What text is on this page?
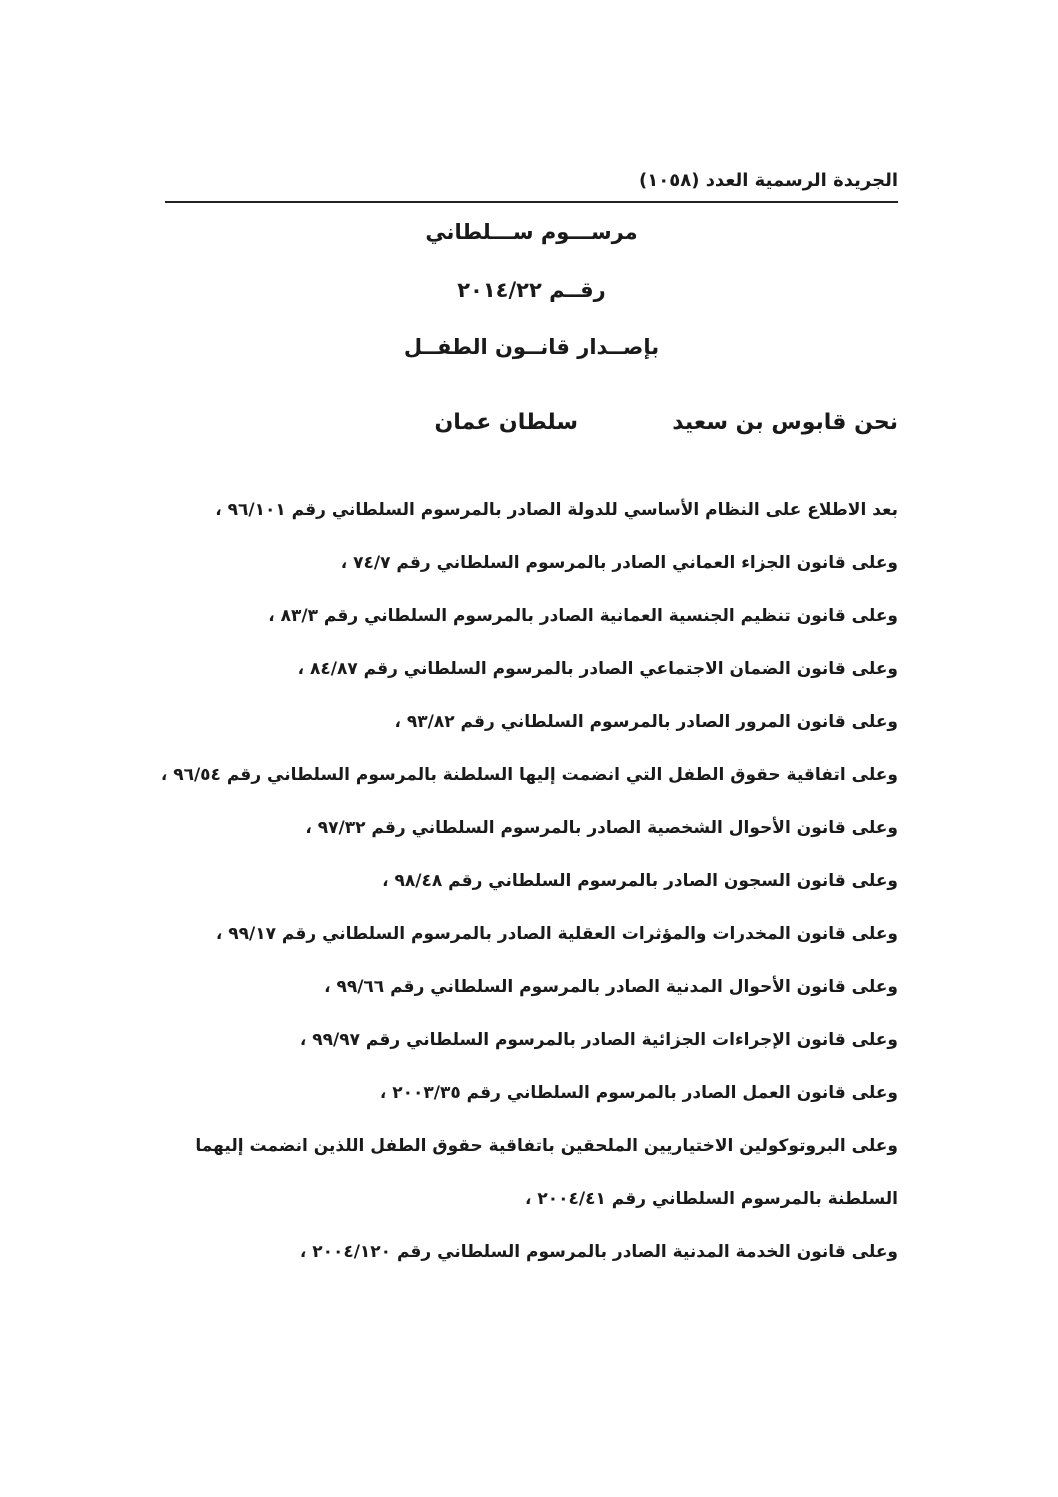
الجريدة الرسمية العدد (١٠٥٨)
مرســـوم ســـلطاني
رقــم ٢٠١٤/٢٢
بإصــدار قانــون الطفــل
نحن قابوس بن سعيد
سلطان عمان
بعد الاطلاع على النظام الأساسي للدولة الصادر بالمرسوم السلطاني رقم ٩٦/١٠١ ،
وعلى قانون الجزاء العماني الصادر بالمرسوم السلطاني رقم ٧٤/٧ ،
وعلى قانون تنظيم الجنسية العمانية الصادر بالمرسوم السلطاني رقم ٨٣/٣ ،
وعلى قانون الضمان الاجتماعي الصادر بالمرسوم السلطاني رقم ٨٤/٨٧ ،
وعلى قانون المرور الصادر بالمرسوم السلطاني رقم ٩٣/٨٢ ،
وعلى اتفاقية حقوق الطفل التي انضمت إليها السلطنة بالمرسوم السلطاني رقم ٩٦/٥٤ ،
وعلى قانون الأحوال الشخصية الصادر بالمرسوم السلطاني رقم ٩٧/٣٢ ،
وعلى قانون السجون الصادر بالمرسوم السلطاني رقم ٩٨/٤٨ ،
وعلى قانون المخدرات والمؤثرات العقلية الصادر بالمرسوم السلطاني رقم ٩٩/١٧ ،
وعلى قانون الأحوال المدنية الصادر بالمرسوم السلطاني رقم ٩٩/٦٦ ،
وعلى قانون الإجراءات الجزائية الصادر بالمرسوم السلطاني رقم ٩٩/٩٧ ،
وعلى قانون العمل الصادر بالمرسوم السلطاني رقم ٢٠٠٣/٣٥ ،
وعلى البروتوكولين الاختياريين الملحقين باتفاقية حقوق الطفل اللذين انضمت إليهما
السلطنة بالمرسوم السلطاني رقم ٢٠٠٤/٤١ ،
وعلى قانون الخدمة المدنية الصادر بالمرسوم السلطاني رقم ٢٠٠٤/١٢٠ ،
